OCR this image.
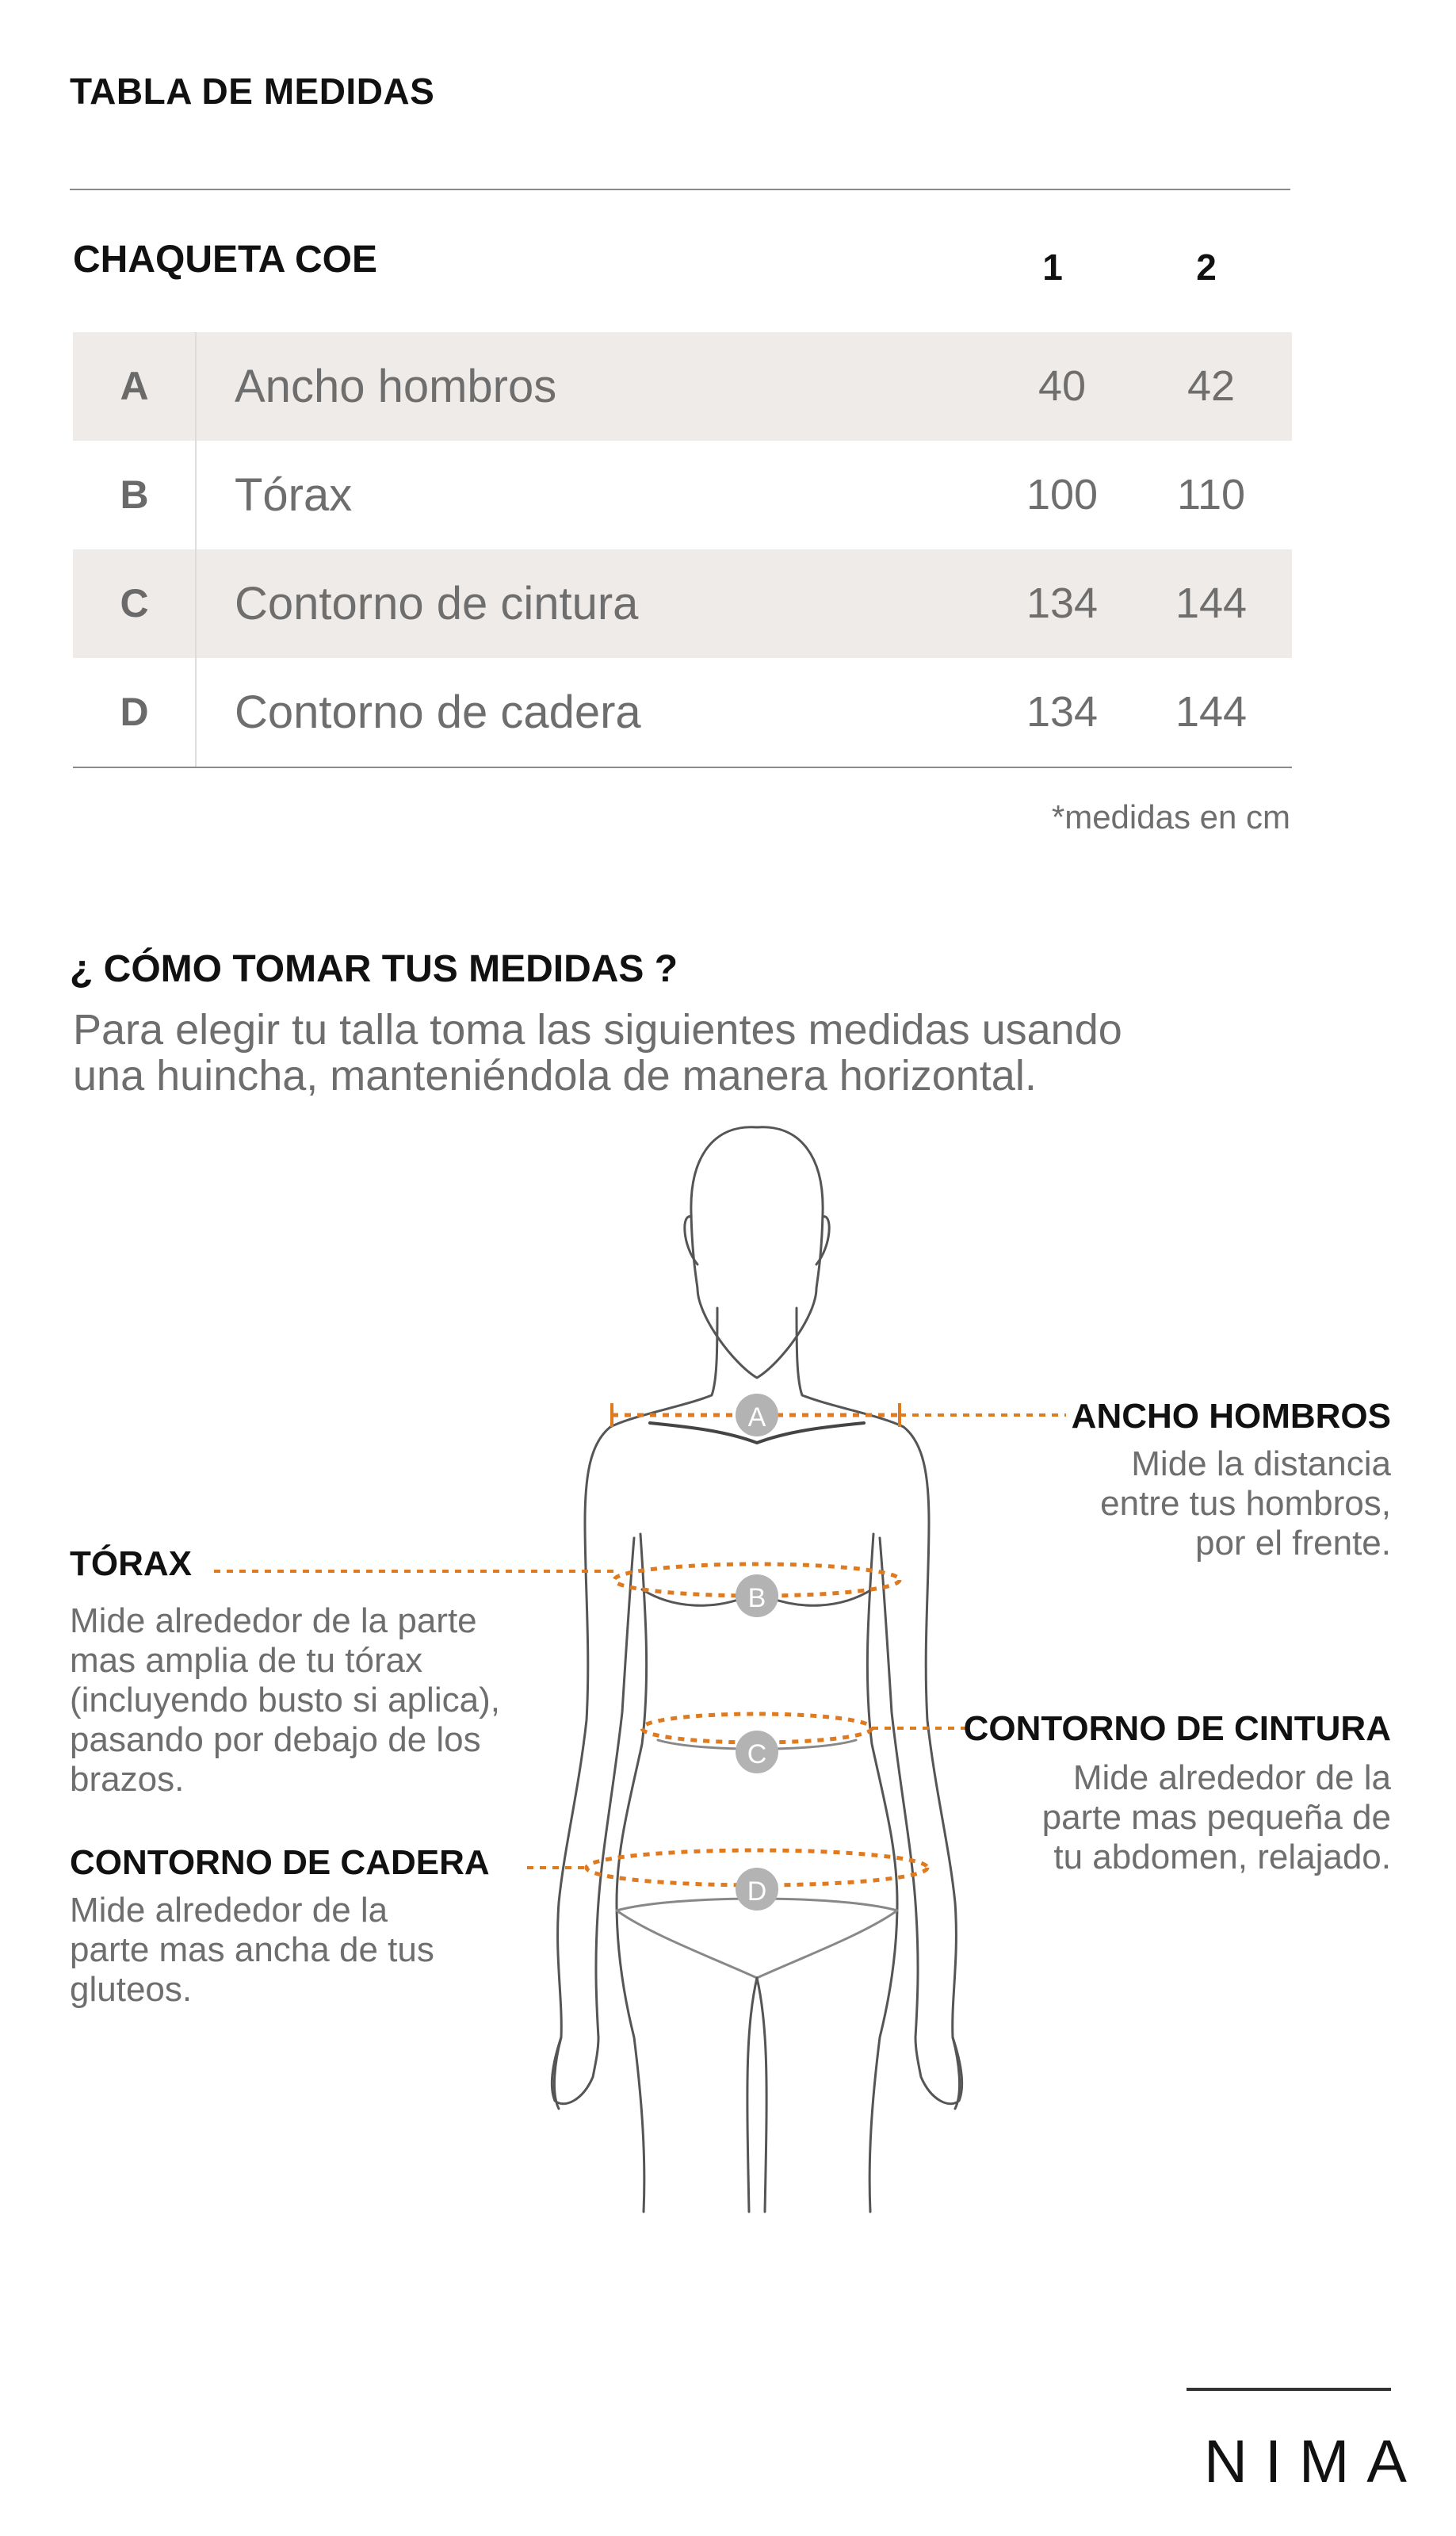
TABLA DE MEDIDAS
CHAQUETA COE	1	2
A	Ancho hombros	40	42
B	Tórax	100	110
C	Contorno de cintura	134	144
D	Contorno de cadera	134	144
*medidas en cm
¿ CÓMO TOMAR TUS MEDIDAS ?
Para elegir tu talla toma las siguientes medidas usando
una huincha, manteniéndola de manera horizontal.
A
B
C
D
ANCHO HOMBROS
Mide la distancia
entre tus hombros,
por el frente.
TÓRAX
Mide alrededor de la parte
mas amplia de tu tórax
(incluyendo busto si aplica),
pasando por debajo de los
brazos.
CONTORNO DE CINTURA
Mide alrededor de la
parte mas pequeña de
tu abdomen, relajado.
CONTORNO DE CADERA
Mide alrededor de la
parte mas ancha de tus
gluteos.
NIMA
